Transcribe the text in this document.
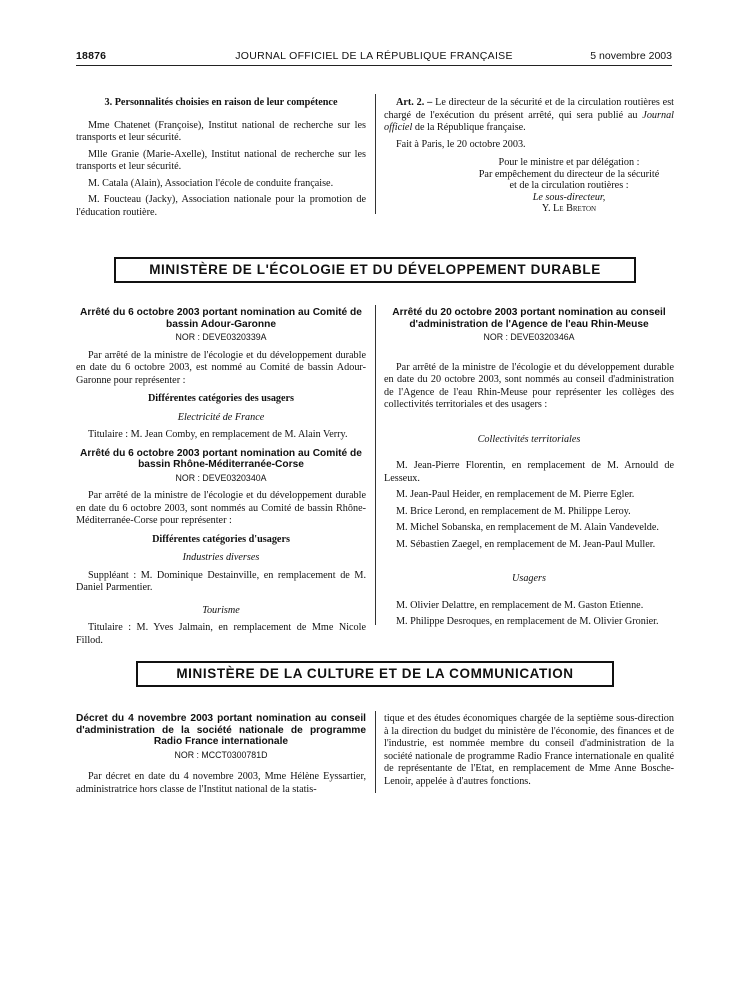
18876	JOURNAL OFFICIEL DE LA RÉPUBLIQUE FRANÇAISE	5 novembre 2003

3. Personnalités choisies en raison de leur compétence

Mme Chatenet (Françoise), Institut national de recherche sur les transports et leur sécurité.

Mlle Granie (Marie-Axelle), Institut national de recherche sur les transports et leur sécurité.

M. Catala (Alain), Association l'école de conduite française.

M. Foucteau (Jacky), Association nationale pour la promotion de l'éducation routière.

Art. 2. – Le directeur de la sécurité et de la circulation routières est chargé de l'exécution du présent arrêté, qui sera publié au Journal officiel de la République française.

Fait à Paris, le 20 octobre 2003.

Pour le ministre et par délégation :

Par empêchement du directeur de la sécurité

et de la circulation routières :

Le sous-directeur,

Y. Le Breton

MINISTÈRE DE L'ÉCOLOGIE ET DU DÉVELOPPEMENT DURABLE

Arrêté du 6 octobre 2003 portant nomination au Comité de bassin Adour-Garonne

NOR : DEVE0320339A

Par arrêté de la ministre de l'écologie et du développement durable en date du 6 octobre 2003, est nommé au Comité de bassin Adour-Garonne pour représenter :

Différentes catégories des usagers

Electricité de France

Titulaire : M. Jean Comby, en remplacement de M. Alain Verry.

Arrêté du 6 octobre 2003 portant nomination au Comité de bassin Rhône-Méditerranée-Corse

NOR : DEVE0320340A

Par arrêté de la ministre de l'écologie et du développement durable en date du 6 octobre 2003, sont nommés au Comité de bassin Rhône-Méditerranée-Corse pour représenter :

Différentes catégories d'usagers

Industries diverses

Suppléant : M. Dominique Destainville, en remplacement de M. Daniel Parmentier.

Tourisme

Titulaire : M. Yves Jalmain, en remplacement de Mme Nicole Fillod.

Arrêté du 20 octobre 2003 portant nomination au conseil d'administration de l'Agence de l'eau Rhin-Meuse

NOR : DEVE0320346A

Par arrêté de la ministre de l'écologie et du développement durable en date du 20 octobre 2003, sont nommés au conseil d'administration de l'Agence de l'eau Rhin-Meuse pour représenter les collèges des collectivités territoriales et des usagers :

Collectivités territoriales

M. Jean-Pierre Florentin, en remplacement de M. Arnould de Lesseux.

M. Jean-Paul Heider, en remplacement de M. Pierre Egler.

M. Brice Lerond, en remplacement de M. Philippe Leroy.

M. Michel Sobanska, en remplacement de M. Alain Vandevelde.

M. Sébastien Zaegel, en remplacement de M. Jean-Paul Muller.

Usagers

M. Olivier Delattre, en remplacement de M. Gaston Etienne.

M. Philippe Desroques, en remplacement de M. Olivier Gronier.

MINISTÈRE DE LA CULTURE ET DE LA COMMUNICATION

Décret du 4 novembre 2003 portant nomination au conseil d'administration de la société nationale de programme Radio France internationale

NOR : MCCT0300781D

Par décret en date du 4 novembre 2003, Mme Hélène Eyssartier, administratrice hors classe de l'Institut national de la statis-

tique et des études économiques chargée de la septième sous-direction à la direction du budget du ministère de l'économie, des finances et de l'industrie, est nommée membre du conseil d'administration de la société nationale de programme Radio France internationale en qualité de représentante de l'Etat, en remplacement de Mme Anne Bosche-Lenoir, appelée à d'autres fonctions.
